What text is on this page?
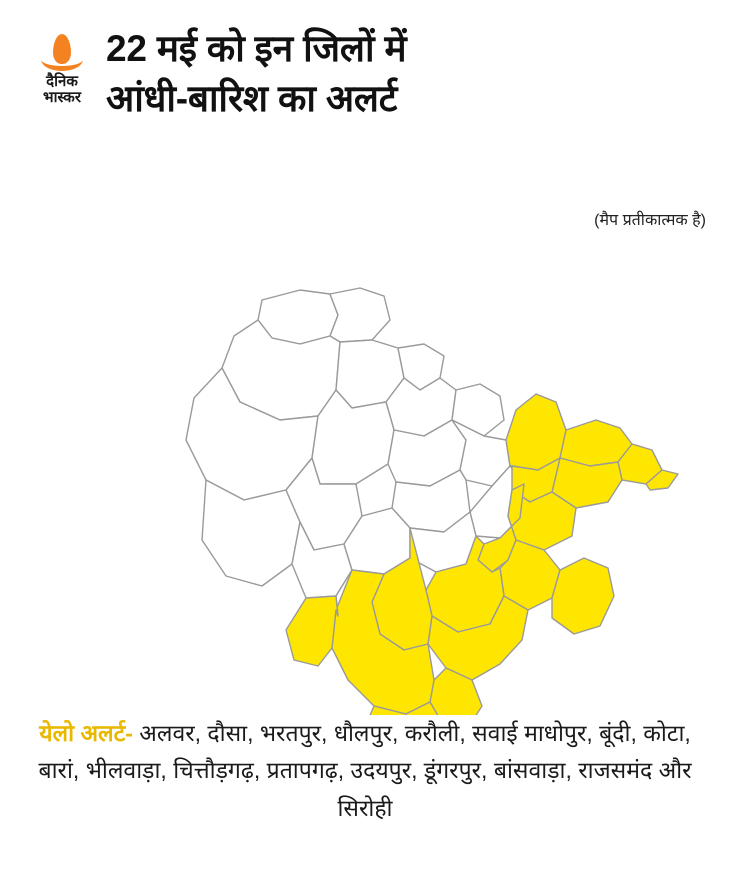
दैनिक
भास्कर
22 मई को इन जिलों में
आंधी-बारिश का अलर्ट
(मैप प्रतीकात्मक है)
येलो अलर्ट- अलवर, दौसा, भरतपुर, धौलपुर, करौली, सवाई माधोपुर, बूंदी, कोटा, बारां, भीलवाड़ा, चित्तौड़गढ़, प्रतापगढ़, उदयपुर, डूंगरपुर, बांसवाड़ा, राजसमंद और सिरोही
